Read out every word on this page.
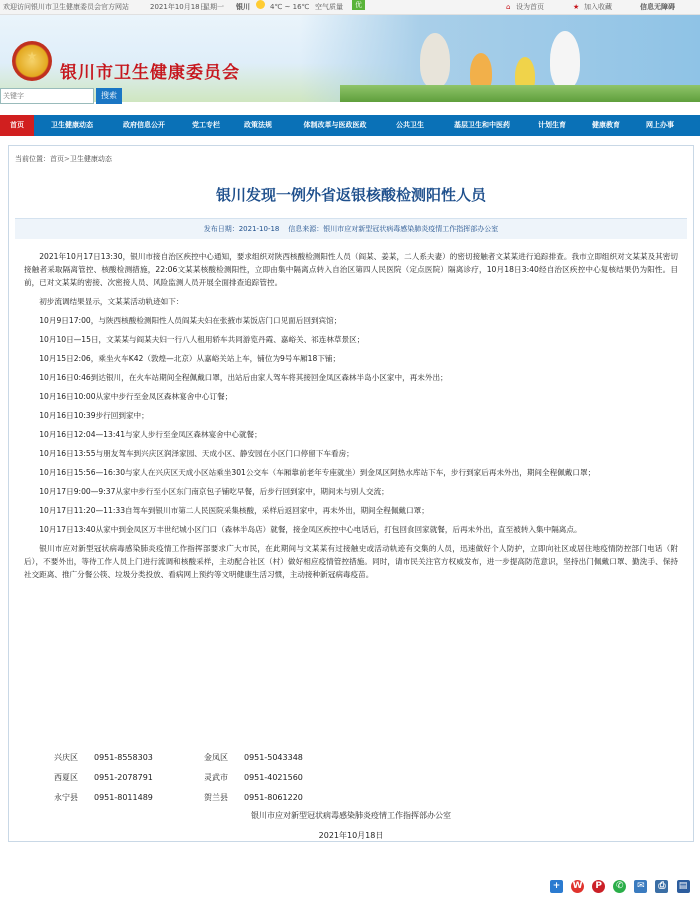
欢迎访问银川市卫生健康委员会官方网站	2021年10月18日
星期一 银川	4℃ ~ 16℃ 空气质量	优	⌂ 设为首页	★ 加入收藏	信息无障碍
★
银川市卫生健康委员会
关键字
搜索
首页	卫生健康动态	政府信息公开	党工专栏	政策法规	体制改革与医政医政	公共卫生	基层卫生和中医药	计划生育	健康教育	网上办事
当前位置：首页>卫生健康动态
银川发现一例外省返银核酸检测阳性人员
发布日期：2021-10-18 信息来源：银川市应对新型冠状病毒感染肺炎疫情工作指挥部办公室

2021年10月17日13:30，银川市接自治区疾控中心通知，要求组织对陕西核酸检测阳性人员（阎某、姜某，二人系夫妻）的密切接触者文某某进行追踪排查。我市立即组织对文某某及其密切接触者采取隔离管控、核酸检测措施，22:06文某某核酸检测阳性，立即由集中隔离点转入自治区第四人民医院（定点医院）隔离诊疗，10月18日3:40经自治区疾控中心复核结果仍为阳性。目前，已对文某某的密接、次密接人员、风险监测人员开展全面排查追踪管控。

初步流调结果显示，文某某活动轨迹如下：

10月9日17:00，与陕西核酸检测阳性人员阎某夫妇在张掖市某饭店门口见面后回到宾馆；

10月10日—15日，文某某与阎某夫妇一行八人租用轿车共同游览丹霞、嘉峪关、祁连林草景区；

10月15日2:06，乘坐火车K42（敦煌—北京）从嘉峪关站上车，铺位为9号车厢18下铺；

10月16日0:46到达银川，在火车站期间全程佩戴口罩，出站后由家人驾车将其接回金凤区森林半岛小区家中，再未外出；

10月16日10:00从家中步行至金凤区森林宴舍中心订餐；

10月16日10:39步行回到家中；

10月16日12:04—13:41与家人步行至金凤区森林宴舍中心就餐；

10月16日13:55与朋友驾车到兴庆区润泽家园、天成小区、静安园在小区门口停留下车看房；

10月16日15:56—16:30与家人在兴庆区天成小区站乘坐301公交车（车厢靠前老年专座就坐）到金凤区阿热水库站下车，步行到家后再未外出，期间全程佩戴口罩；

10月17日9:00—9:37从家中步行至小区东门南京包子铺吃早餐，后步行回到家中，期间未与别人交流；

10月17日11:20—11:33自驾车到银川市第二人民医院采集核酸，采样后返回家中，再未外出，期间全程佩戴口罩；

10月17日13:40从家中到金凤区万丰世纪城小区门口（森林半岛店）就餐，接金凤区疾控中心电话后，打包回食回家就餐，后再未外出，直至被转入集中隔离点。

银川市应对新型冠状病毒感染肺炎疫情工作指挥部要求广大市民，在此期间与文某某有过接触史或活动轨迹有交集的人员，迅速做好个人防护，立即向社区或居住地疫情防控部门电话（附后），不要外出，等待工作人员上门进行流调和核酸采样，主动配合社区（村）做好相应疫情管控措施。同时，请市民关注官方权威发布，进一步提高防范意识，坚持出门佩戴口罩、勤洗手、保持社交距离、推广分餐公筷、垃圾分类投放、看病网上预约等文明健康生活习惯，主动接种新冠病毒疫苗。

兴庆区 0951-8558303	金凤区 0951-5043348
西夏区 0951-2078791	灵武市 0951-4021560
永宁县 0951-8011489	贺兰县 0951-8061220
银川市应对新型冠状病毒感染肺炎疫情工作指挥部办公室
2021年10月18日
+ W P ✆ ✉ ⎙ ▤
